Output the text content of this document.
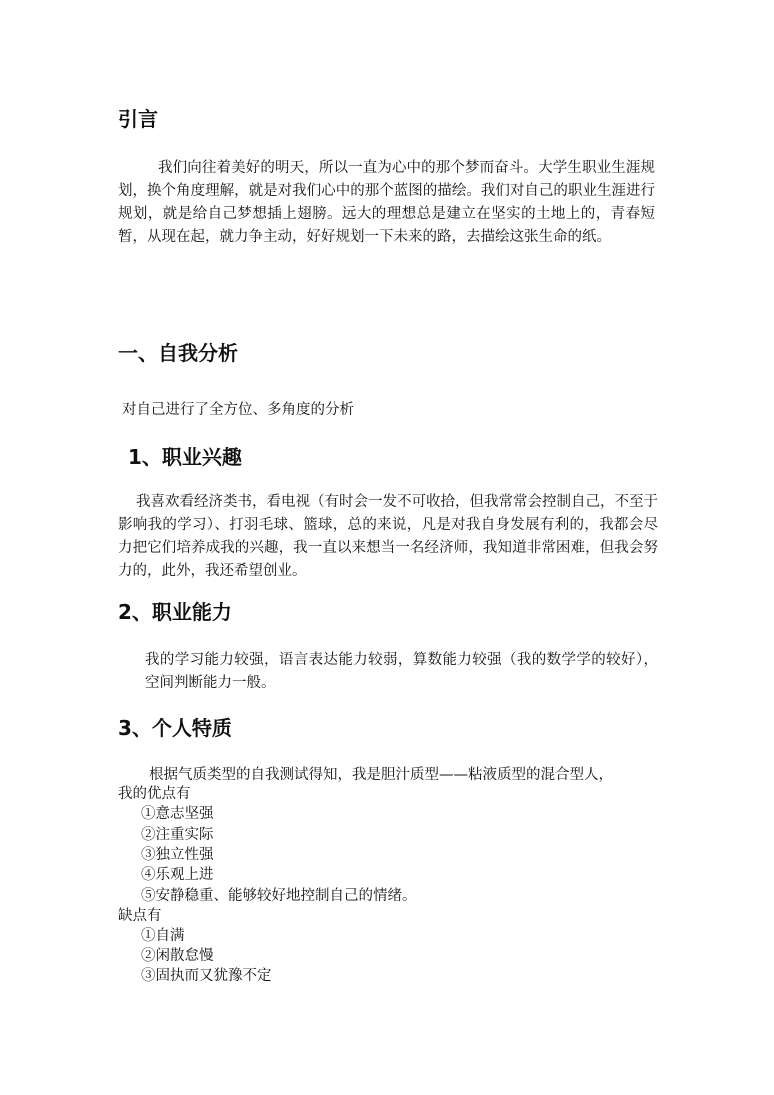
引言

我们向往着美好的明天，所以一直为心中的那个梦而奋斗。大学生职业生涯规划，换个角度理解，就是对我们心中的那个蓝图的描绘。我们对自己的职业生涯进行规划，就是给自己梦想插上翅膀。远大的理想总是建立在坚实的土地上的，青春短暂，从现在起，就力争主动，好好规划一下未来的路，去描绘这张生命的纸。

一、自我分析

对自己进行了全方位、多角度的分析

1、职业兴趣

我喜欢看经济类书，看电视（有时会一发不可收拾，但我常常会控制自己，不至于影响我的学习）、打羽毛球、篮球，总的来说，凡是对我自身发展有利的，我都会尽力把它们培养成我的兴趣，我一直以来想当一名经济师，我知道非常困难，但我会努力的，此外，我还希望创业。

2、职业能力

我的学习能力较强，语言表达能力较弱，算数能力较强（我的数学学的较好），空间判断能力一般。

3、个人特质

根据气质类型的自我测试得知，我是胆汁质型——粘液质型的混合型人，

我的优点有

①意志坚强

②注重实际

③独立性强

④乐观上进

⑤安静稳重、能够较好地控制自己的情绪。

缺点有

①自满

②闲散怠慢

③固执而又犹豫不定
